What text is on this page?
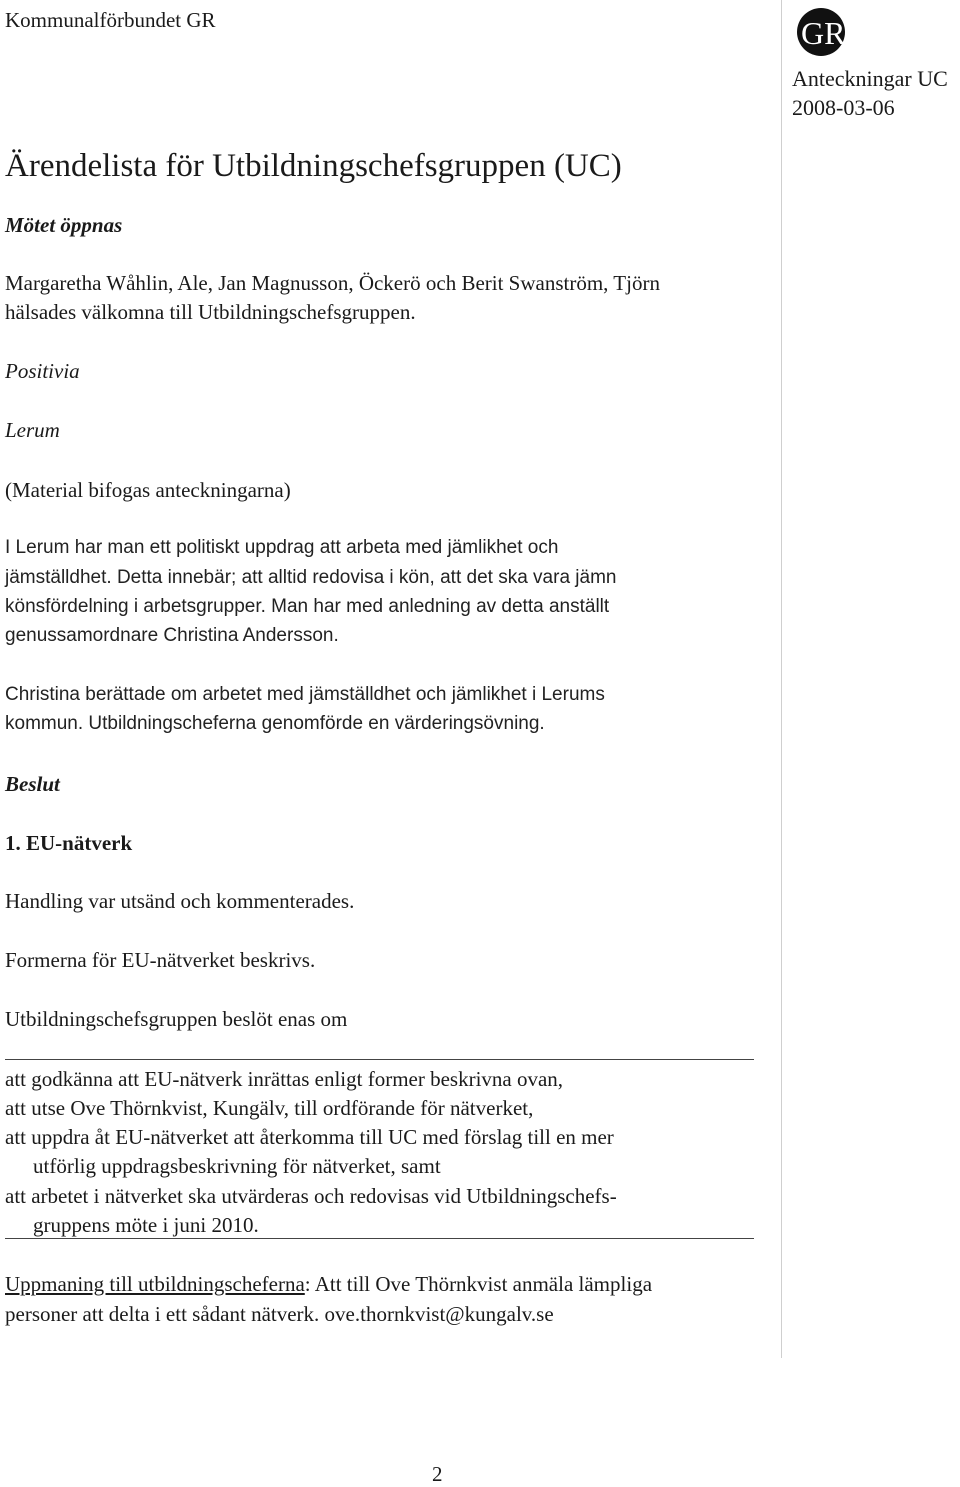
Kommunalförbundet GR	GR
Anteckningar UC
2008-03-06
Ärendelista för Utbildningschefsgruppen (UC)
Mötet öppnas
Margaretha Wåhlin, Ale, Jan Magnusson, Öckerö och Berit Swanström, Tjörn
hälsades välkomna till Utbildningschefsgruppen.
Positivia
Lerum
(Material bifogas anteckningarna)
I Lerum har man ett politiskt uppdrag att arbeta med jämlikhet och
jämställdhet. Detta innebär; att alltid redovisa i kön, att det ska vara jämn
könsfördelning i arbetsgrupper. Man har med anledning av detta anställt
genussamordnare Christina Andersson.
Christina berättade om arbetet med jämställdhet och jämlikhet i Lerums
kommun. Utbildningscheferna genomförde en värderingsövning.
Beslut
1. EU-nätverk
Handling var utsänd och kommenterades.
Formerna för EU-nätverket beskrivs.
Utbildningschefsgruppen beslöt enas om
att godkänna att EU-nätverk inrättas enligt former beskrivna ovan,
att utse Ove Thörnkvist, Kungälv, till ordförande för nätverket,
att uppdra åt EU-nätverket att återkomma till UC med förslag till en mer
utförlig uppdragsbeskrivning för nätverket, samt
att arbetet i nätverket ska utvärderas och redovisas vid Utbildningschefs-
gruppens möte i juni 2010.
Uppmaning till utbildningscheferna: Att till Ove Thörnkvist anmäla lämpliga
personer att delta i ett sådant nätverk. ove.thornkvist@kungalv.se
2
